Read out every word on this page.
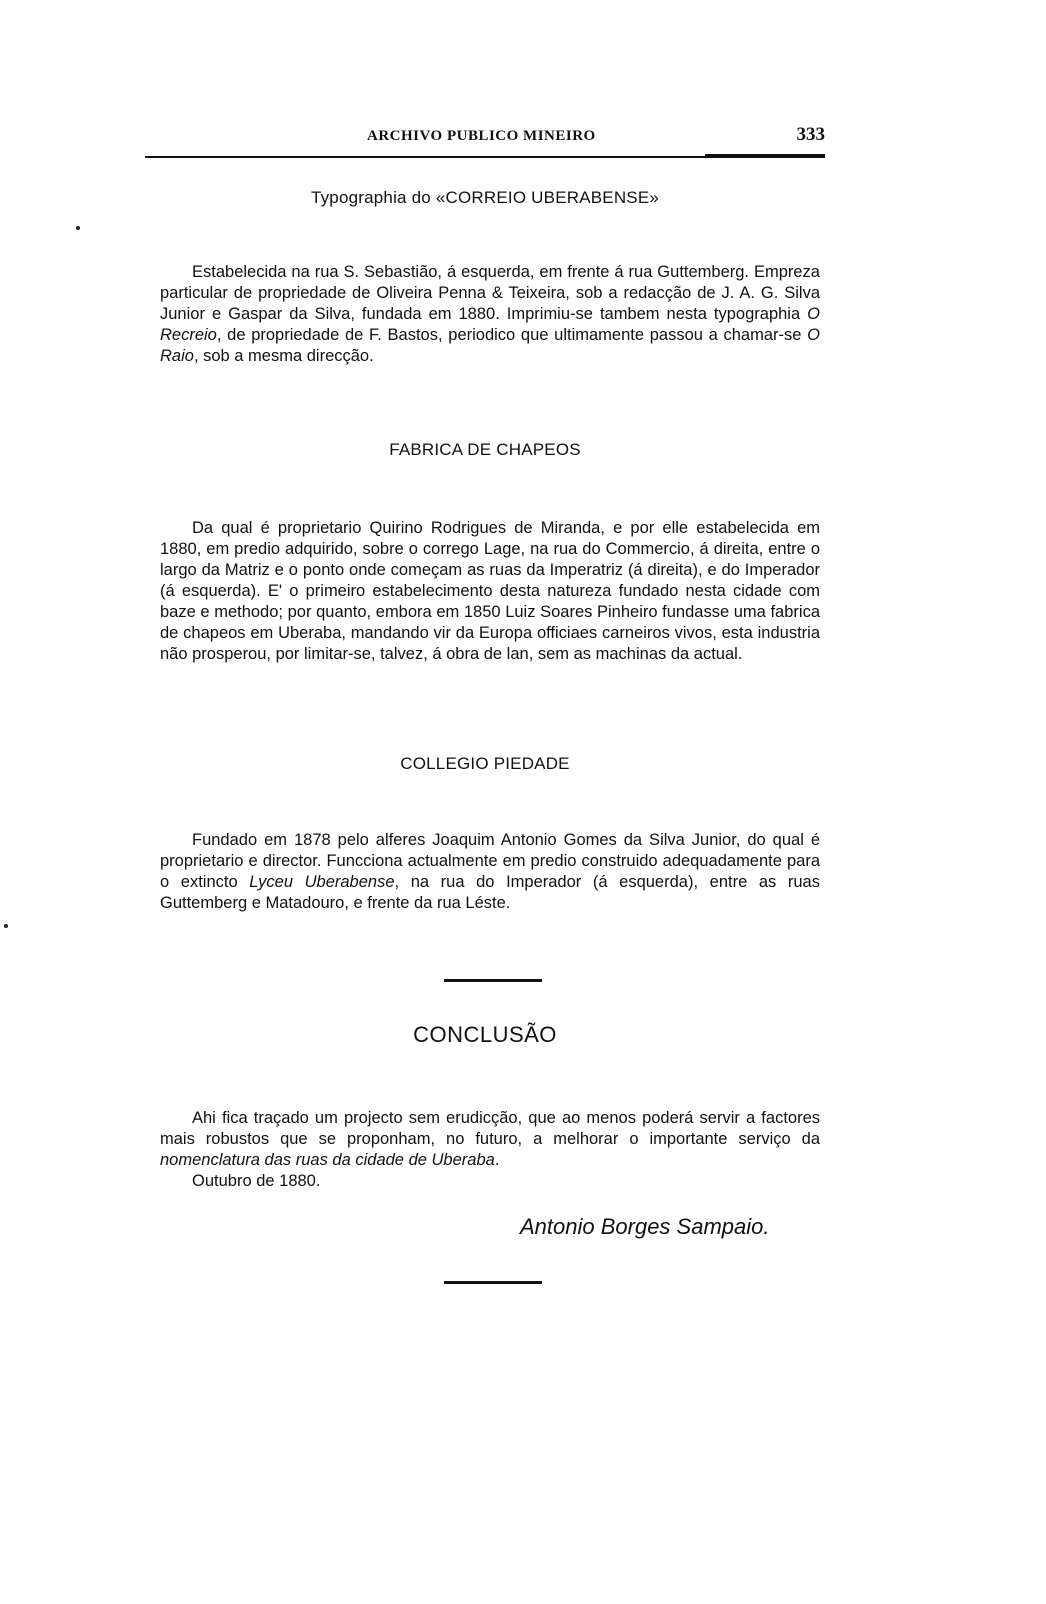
ARCHIVO PUBLICO MINEIRO	333
Typographia do «CORREIO UBERABENSE»

Estabelecida na rua S. Sebastião, á esquerda, em frente á rua Guttemberg. Empreza particular de propriedade de Oliveira Penna & Teixeira, sob a redacção de J. A. G. Silva Junior e Gaspar da Silva, fundada em 1880. Imprimiu-se tambem nesta typographia O Recreio, de propriedade de F. Bastos, periodico que ultimamente passou a chamar-se O Raio, sob a mesma direcção.

FABRICA DE CHAPEOS

Da qual é proprietario Quirino Rodrigues de Miranda, e por elle estabelecida em 1880, em predio adquirido, sobre o corrego Lage, na rua do Commercio, á direita, entre o largo da Matriz e o ponto onde começam as ruas da Imperatriz (á direita), e do Imperador (á esquerda). E' o primeiro estabelecimento desta natureza fundado nesta cidade com baze e methodo; por quanto, embora em 1850 Luiz Soares Pinheiro fundasse uma fabrica de chapeos em Uberaba, mandando vir da Europa officiaes carneiros vivos, esta industria não prosperou, por limitar-se, talvez, á obra de lan, sem as machinas da actual.

COLLEGIO PIEDADE

Fundado em 1878 pelo alferes Joaquim Antonio Gomes da Silva Junior, do qual é proprietario e director. Funcciona actualmente em predio construido adequadamente para o extincto Lyceu Uberabense, na rua do Imperador (á esquerda), entre as ruas Guttemberg e Matadouro, e frente da rua Léste.

CONCLUSÃO

Ahi fica traçado um projecto sem erudicção, que ao menos poderá servir a factores mais robustos que se proponham, no futuro, a melhorar o importante serviço da nomenclatura das ruas da cidade de Uberaba.

Outubro de 1880.

Antonio Borges Sampaio.
